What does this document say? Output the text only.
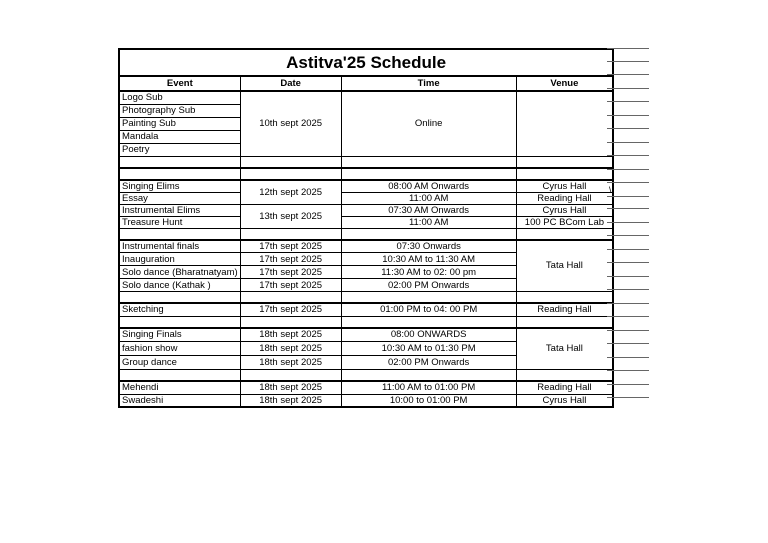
Astitva'25 Schedule			
Event	Date	Time	Venue
Logo Sub	10th sept 2025	Online	
Photography Sub			
Painting Sub			
Mandala			
Poetry			

Singing Elims	12th sept 2025	08:00 AM Onwards	Cyrus Hall
Essay		11:00 AM	Reading Hall
Instrumental Elims	13th sept 2025	07:30 AM Onwards	Cyrus Hall
Treasure Hunt		11:00 AM	100 PC BCom Lab

Instrumental finals	17th sept 2025	07:30 Onwards	Tata Hall
Inauguration	17th sept 2025	10:30 AM to 11:30 AM	
Solo dance (Bharatnatyam)	17th sept 2025	11:30 AM to 02: 00 pm	
Solo dance (Kathak )	17th sept 2025	02:00 PM Onwards	

Sketching	17th sept 2025	01:00 PM to 04: 00 PM	Reading Hall

Singing Finals	18th sept 2025	08:00 ONWARDS	Tata Hall
fashion show	18th sept 2025	10:30 AM to 01:30 PM	
Group dance	18th sept 2025	02:00 PM Onwards	

Mehendi	18th sept 2025	11:00 AM to 01:00 PM	Reading Hall
Swadeshi	18th sept 2025	10:00 to 01:00 PM	Cyrus Hall
\
